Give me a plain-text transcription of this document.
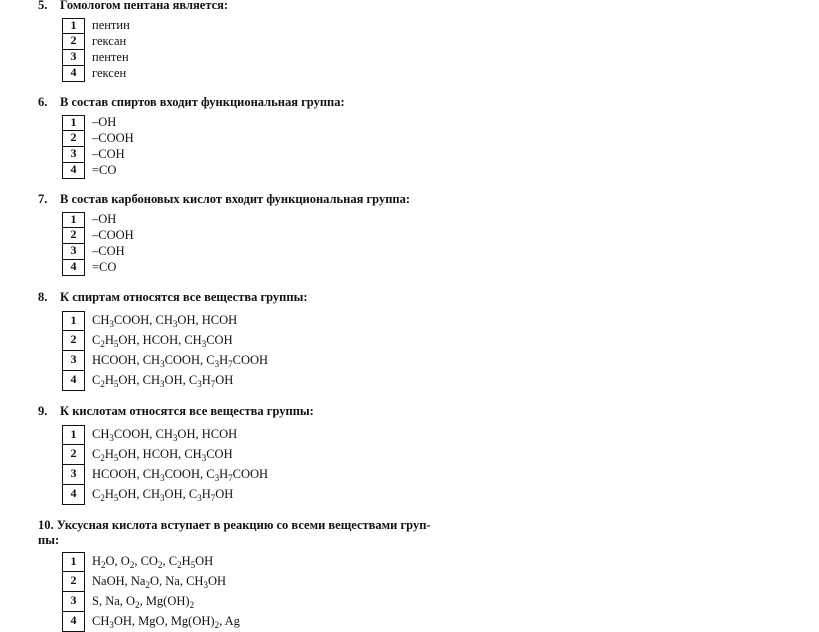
5. Гомологом пентана является:
1	пентин
2	гексан
3	пентен
4	гексен
6. В состав спиртов входит функциональная группа:
1	–OH
2	–COOH
3	–COH
4	=CO
7. В состав карбоновых кислот входит функциональная группа:
1	–OH
2	–COOH
3	–COH
4	=CO
8. К спиртам относятся все вещества группы:
1	$CH_3COOH$, $CH_3OH$, HCOH
2	$C_2H_5OH$, HCOH, $CH_3COH$
3	HCOOH, $CH_3COOH$, $C_3H_7COOH$
4	$C_2H_5OH$, $CH_3OH$, $C_3H_7OH$
9. К кислотам относятся все вещества группы:
1	$CH_3COOH$, $CH_3OH$, HCOH
2	$C_2H_5OH$, HCOH, $CH_3COH$
3	HCOOH, $CH_3COOH$, $C_3H_7COOH$
4	$C_2H_5OH$, $CH_3OH$, $C_3H_7OH$
10. Уксусная кислота вступает в реакцию со всеми веществами груп-
пы:
1	$H_2O$, $O_2$, $CO_2$, $C_2H_5OH$
2	NaOH, $Na_2O$, Na, $CH_3OH$
3	S, Na, $O_2$, $Mg(OH)_2$
4	$CH_3OH$, MgO, $Mg(OH)_2$, Ag
